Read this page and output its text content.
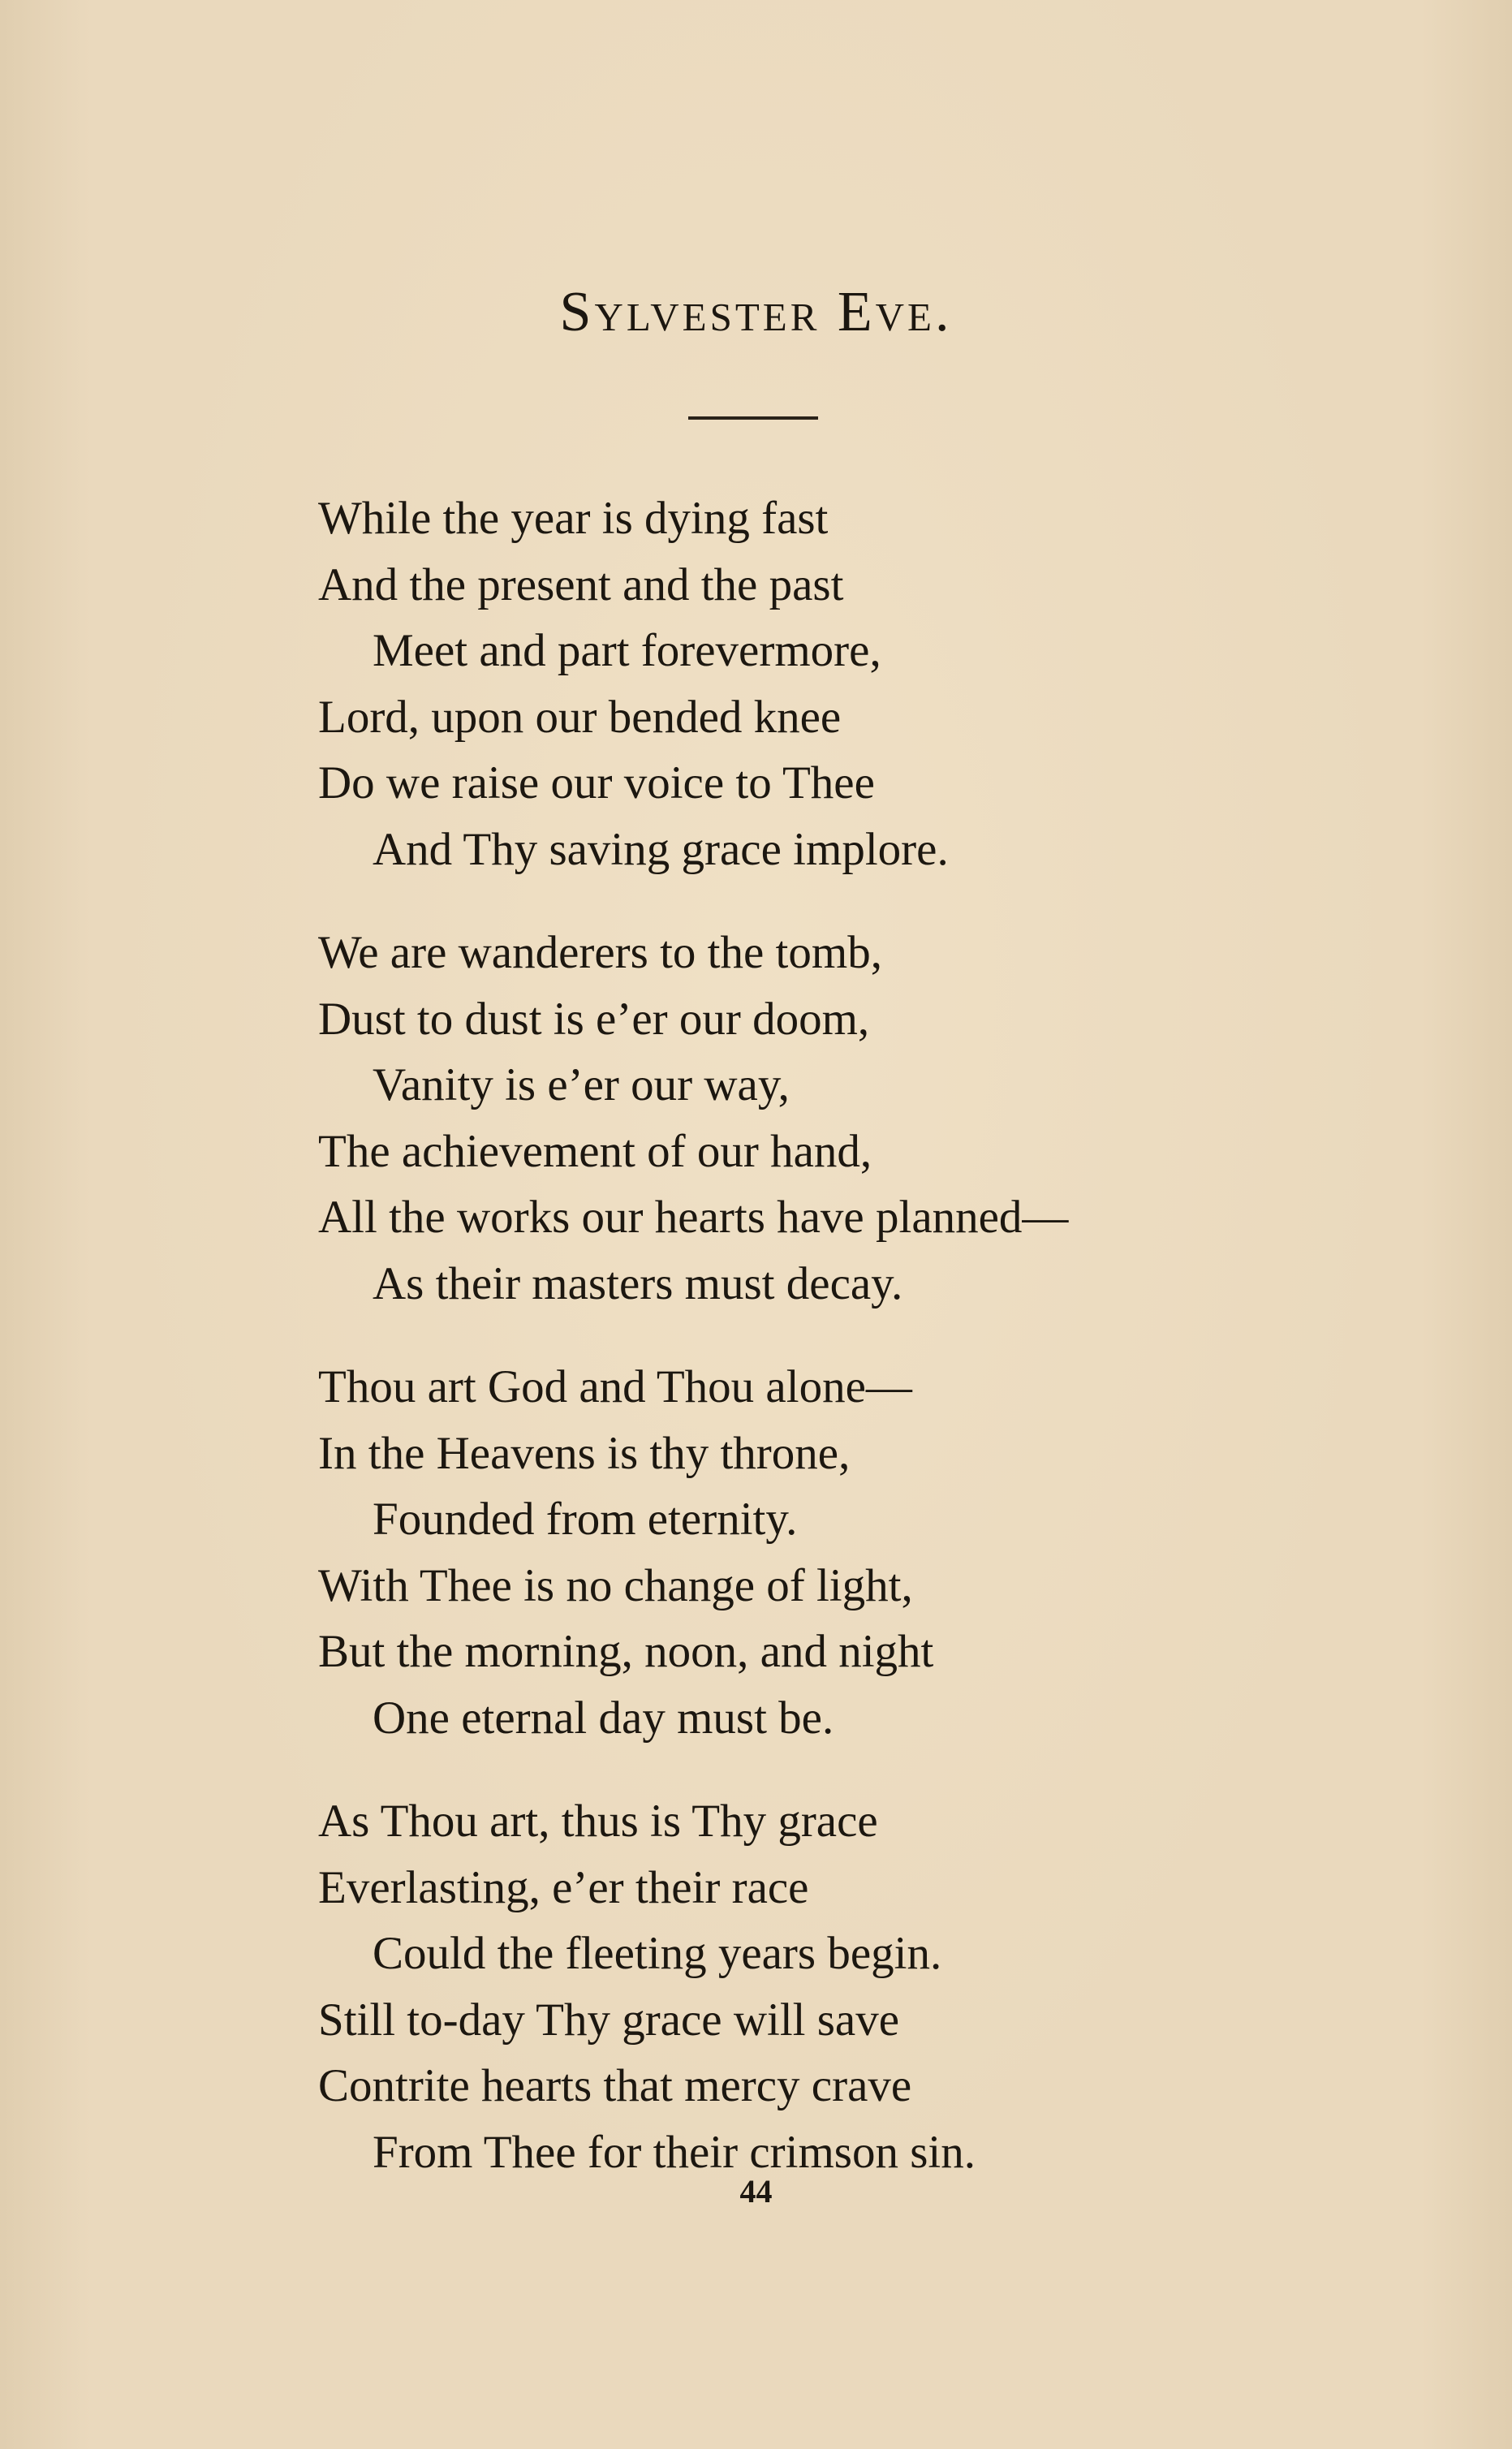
Sylvester Eve.
While the year is dying fast
And the present and the past
Meet and part forevermore,
Lord, upon our bended knee
Do we raise our voice to Thee
And Thy saving grace implore.
We are wanderers to the tomb,
Dust to dust is e’er our doom,
Vanity is e’er our way,
The achievement of our hand,
All the works our hearts have planned—
As their masters must decay.
Thou art God and Thou alone—
In the Heavens is thy throne,
Founded from eternity.
With Thee is no change of light,
But the morning, noon, and night
One eternal day must be.
As Thou art, thus is Thy grace
Everlasting, e’er their race
Could the fleeting years begin.
Still to-day Thy grace will save
Contrite hearts that mercy crave
From Thee for their crimson sin.
44
